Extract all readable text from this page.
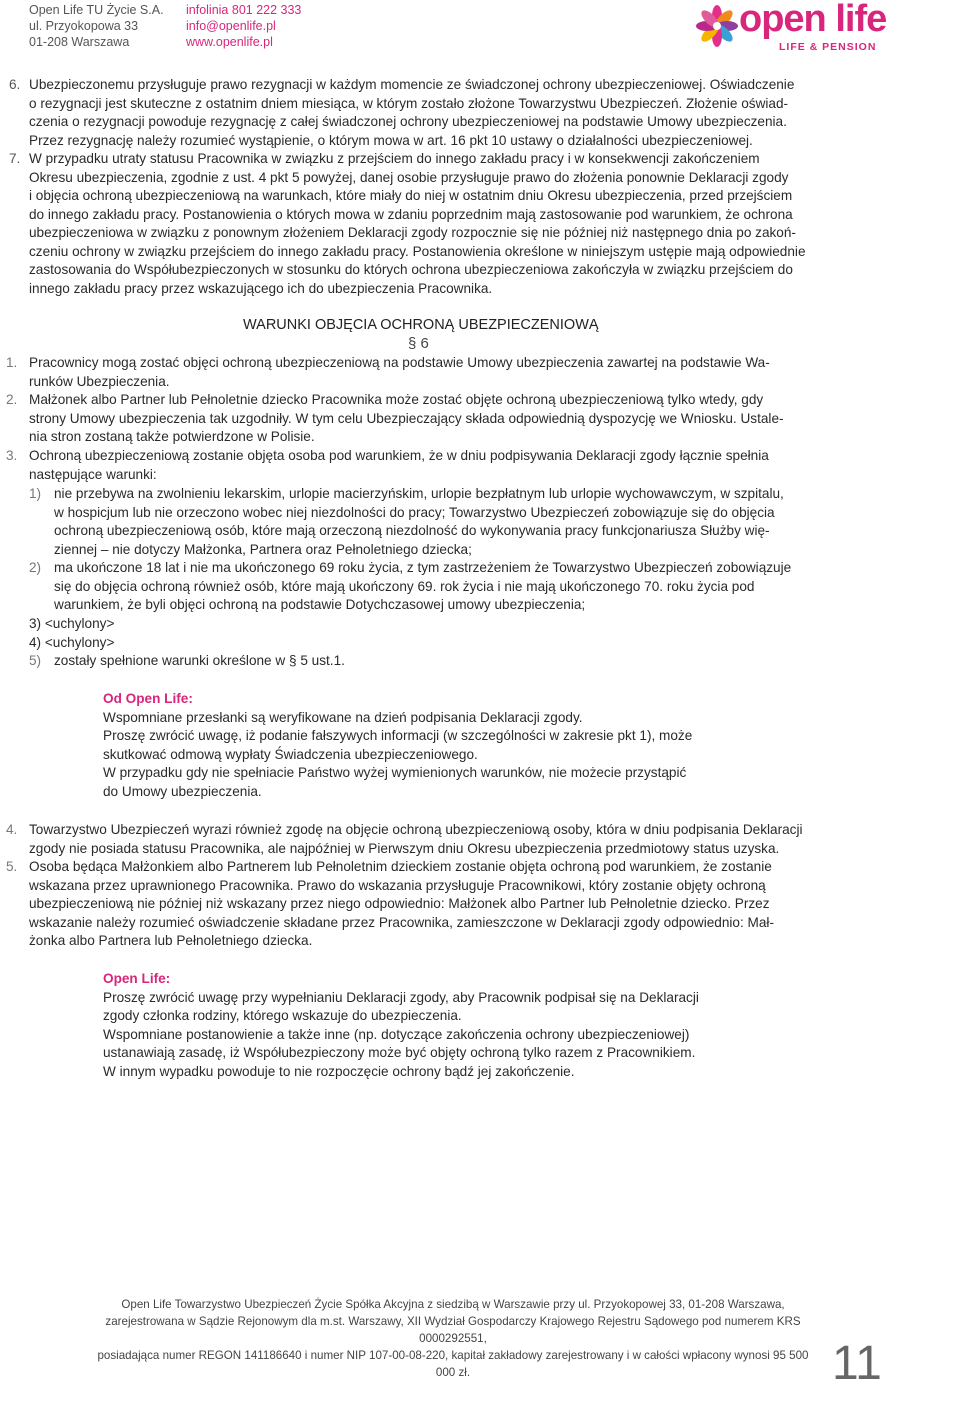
Open Life TU Życie S.A.
ul. Przyokopowa 33
01-208 Warszawa
infolinia 801 222 333
info@openlife.pl
www.openlife.pl
open life
LIFE & PENSION
6. Ubezpieczonemu przysługuje prawo rezygnacji w każdym momencie ze świadczonej ochrony ubezpieczeniowej. Oświadczenie
o rezygnacji jest skuteczne z ostatnim dniem miesiąca, w którym zostało złożone Towarzystwu Ubezpieczeń. Złożenie oświad-
czenia o rezygnacji powoduje rezygnację z całej świadczonej ochrony ubezpieczeniowej na podstawie Umowy ubezpieczenia.
Przez rezygnację należy rozumieć wystąpienie, o którym mowa w art. 16 pkt 10 ustawy o działalności ubezpieczeniowej.
7. W przypadku utraty statusu Pracownika w związku z przejściem do innego zakładu pracy i w konsekwencji zakończeniem
Okresu ubezpieczenia, zgodnie z ust. 4 pkt 5 powyżej, danej osobie przysługuje prawo do złożenia ponownie Deklaracji zgody
i objęcia ochroną ubezpieczeniową na warunkach, które miały do niej w ostatnim dniu Okresu ubezpieczenia, przed przejściem
do innego zakładu pracy. Postanowienia o których mowa w zdaniu poprzednim mają zastosowanie pod warunkiem, że ochrona
ubezpieczeniowa w związku z ponownym złożeniem Deklaracji zgody rozpocznie się nie później niż następnego dnia po zakoń-
czeniu ochrony w związku przejściem do innego zakładu pracy. Postanowienia określone w niniejszym ustępie mają odpowiednie
zastosowania do Współubezpieczonych w stosunku do których ochrona ubezpieczeniowa zakończyła w związku przejściem do
innego zakładu pracy przez wskazującego ich do ubezpieczenia Pracownika.
WARUNKI OBJĘCIA OCHRONĄ UBEZPIECZENIOWĄ
§ 6
1. Pracownicy mogą zostać objęci ochroną ubezpieczeniową na podstawie Umowy ubezpieczenia zawartej na podstawie Wa-
runków Ubezpieczenia.
2. Małżonek albo Partner lub Pełnoletnie dziecko Pracownika może zostać objęte ochroną ubezpieczeniową tylko wtedy, gdy
strony Umowy ubezpieczenia tak uzgodniły. W tym celu Ubezpieczający składa odpowiednią dyspozycję we Wniosku. Ustale-
nia stron zostaną także potwierdzone w Polisie.
3. Ochroną ubezpieczeniową zostanie objęta osoba pod warunkiem, że w dniu podpisywania Deklaracji zgody łącznie spełnia
następujące warunki:
1) nie przebywa na zwolnieniu lekarskim, urlopie macierzyńskim, urlopie bezpłatnym lub urlopie wychowawczym, w szpitalu,
w hospicjum lub nie orzeczono wobec niej niezdolności do pracy; Towarzystwo Ubezpieczeń zobowiązuje się do objęcia
ochroną ubezpieczeniową osób, które mają orzeczoną niezdolność do wykonywania pracy funkcjonariusza Służby wię-
ziennej – nie dotyczy Małżonka, Partnera oraz Pełnoletniego dziecka;
2) ma ukończone 18 lat i nie ma ukończonego 69 roku życia, z tym zastrzeżeniem że Towarzystwo Ubezpieczeń zobowiązuje
się do objęcia ochroną również osób, które mają ukończony 69. rok życia i nie mają ukończonego 70. roku życia pod
warunkiem, że byli objęci ochroną na podstawie Dotychczasowej umowy ubezpieczenia;
3) <uchylony>
4) <uchylony>
5) zostały spełnione warunki określone w § 5 ust.1.
Od Open Life:
Wspomniane przesłanki są weryfikowane na dzień podpisania Deklaracji zgody.
Proszę zwrócić uwagę, iż podanie fałszywych informacji (w szczególności w zakresie pkt 1), może
skutkować odmową wypłaty Świadczenia ubezpieczeniowego.
W przypadku gdy nie spełniacie Państwo wyżej wymienionych warunków, nie możecie przystąpić
do Umowy ubezpieczenia.
4. Towarzystwo Ubezpieczeń wyrazi również zgodę na objęcie ochroną ubezpieczeniową osoby, która w dniu podpisania Deklaracji
zgody nie posiada statusu Pracownika, ale najpóźniej w Pierwszym dniu Okresu ubezpieczenia przedmiotowy status uzyska.
5. Osoba będąca Małżonkiem albo Partnerem lub Pełnoletnim dzieckiem zostanie objęta ochroną pod warunkiem, że zostanie
wskazana przez uprawnionego Pracownika. Prawo do wskazania przysługuje Pracownikowi, który zostanie objęty ochroną
ubezpieczeniową nie później niż wskazany przez niego odpowiednio: Małżonek albo Partner lub Pełnoletnie dziecko. Przez
wskazanie należy rozumieć oświadczenie składane przez Pracownika, zamieszczone w Deklaracji zgody odpowiednio: Mał-
żonka albo Partnera lub Pełnoletniego dziecka.
Open Life:
Proszę zwrócić uwagę przy wypełnianiu Deklaracji zgody, aby Pracownik podpisał się na Deklaracji
zgody członka rodziny, którego wskazuje do ubezpieczenia.
Wspomniane postanowienie a także inne (np. dotyczące zakończenia ochrony ubezpieczeniowej)
ustanawiają zasadę, iż Współubezpieczony może być objęty ochroną tylko razem z Pracownikiem.
W innym wypadku powoduje to nie rozpoczęcie ochrony bądź jej zakończenie.
Open Life Towarzystwo Ubezpieczeń Życie Spółka Akcyjna z siedzibą w Warszawie przy ul. Przyokopowej 33, 01-208 Warszawa,
zarejestrowana w Sądzie Rejonowym dla m.st. Warszawy, XII Wydział Gospodarczy Krajowego Rejestru Sądowego pod numerem KRS 0000292551,
posiadająca numer REGON 141186640 i numer NIP 107-00-08-220, kapitał zakładowy zarejestrowany i w całości wpłacony wynosi 95 500 000 zł.	11
